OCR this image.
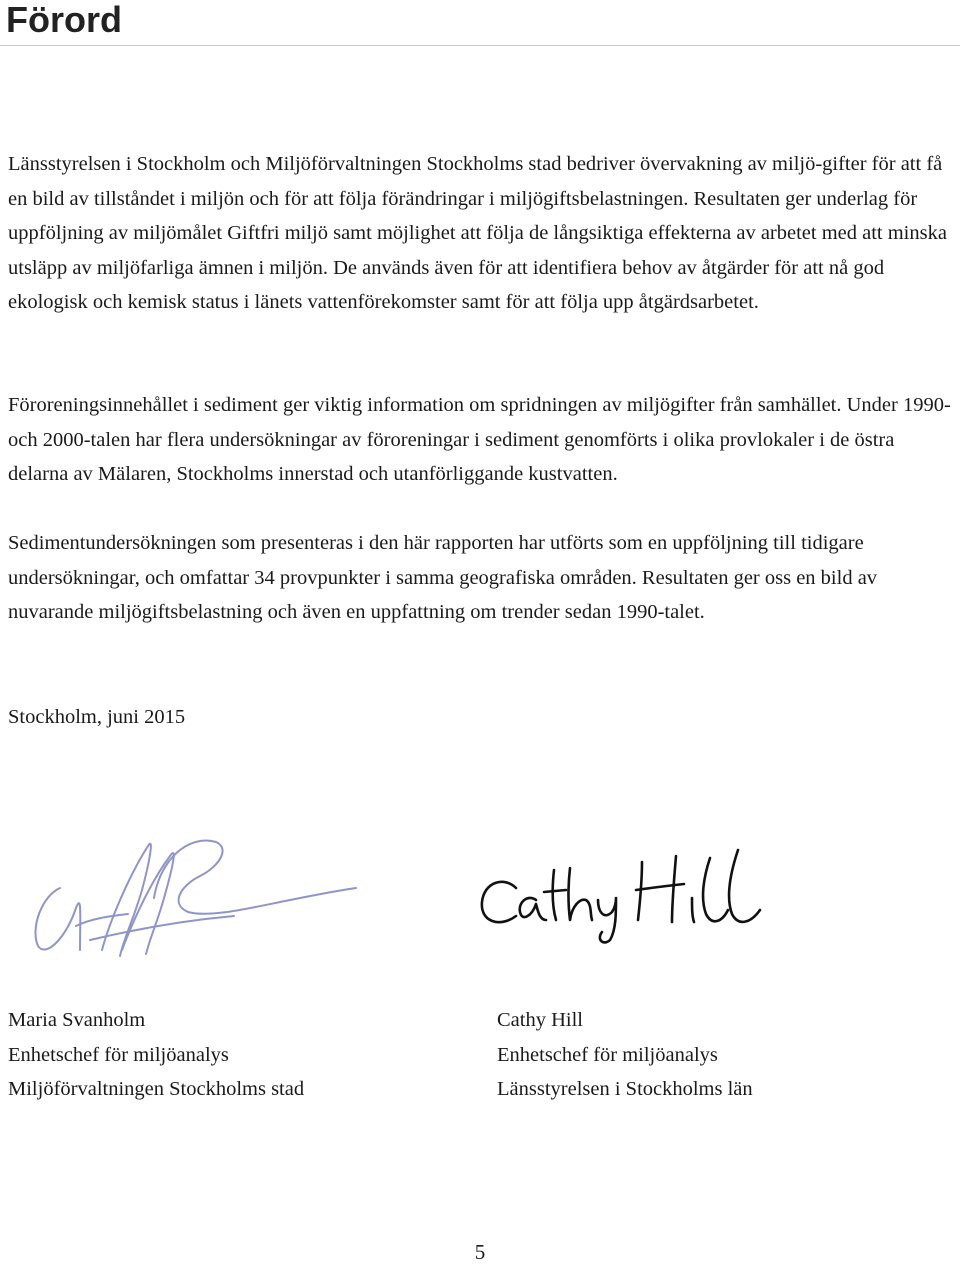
Förord

Länsstyrelsen i Stockholm och Miljöförvaltningen Stockholms stad bedriver övervakning av miljö-gifter för att få en bild av tillståndet i miljön och för att följa förändringar i miljögiftsbelastningen. Resultaten ger underlag för uppföljning av miljömålet Giftfri miljö samt möjlighet att följa de långsiktiga effekterna av arbetet med att minska utsläpp av miljöfarliga ämnen i miljön. De används även för att identifiera behov av åtgärder för att nå god ekologisk och kemisk status i länets vattenförekomster samt för att följa upp åtgärdsarbetet.

Föroreningsinnehållet i sediment ger viktig information om spridningen av miljögifter från samhället. Under 1990- och 2000-talen har flera undersökningar av föroreningar i sediment genomförts i olika provlokaler i de östra delarna av Mälaren, Stockholms innerstad och utanförliggande kustvatten.

Sedimentundersökningen som presenteras i den här rapporten har utförts som en uppföljning till tidigare undersökningar, och omfattar 34 provpunkter i samma geografiska områden. Resultaten ger oss en bild av nuvarande miljögiftsbelastning och även en uppfattning om trender sedan 1990-talet.

Stockholm, juni 2015

Maria Svanholm
Enhetschef för miljöanalys
Miljöförvaltningen Stockholms stad
Cathy Hill
Enhetschef för miljöanalys
Länsstyrelsen i Stockholms län
5
